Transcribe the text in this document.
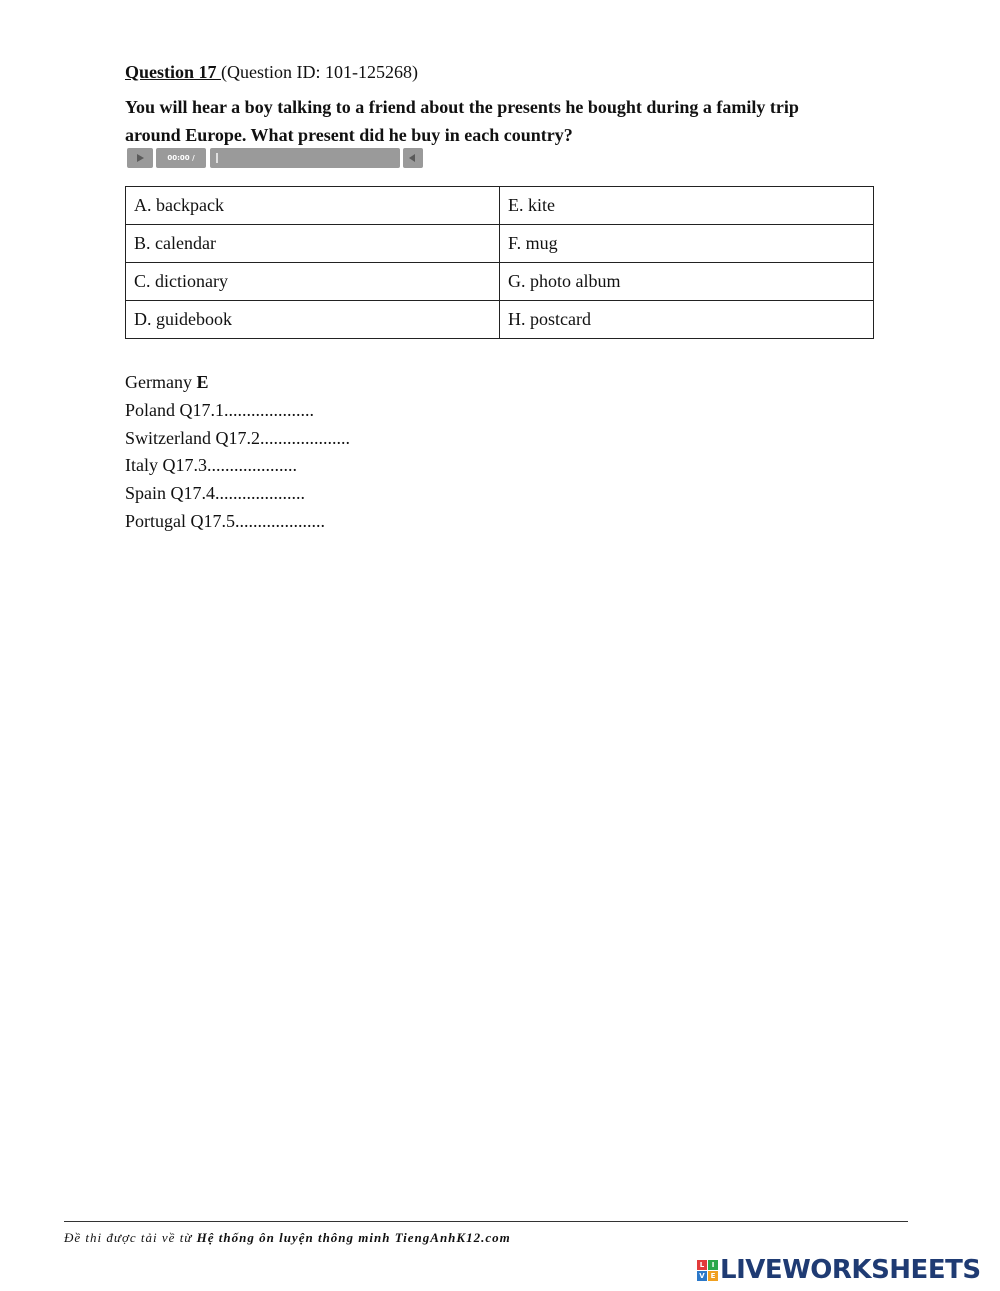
Question 17 (Question ID: 101-125268)
You will hear a boy talking to a friend about the presents he bought during a family trip around Europe. What present did he buy in each country?
00:00 / 00:00
A. backpack	E. kite
B. calendar	F. mug
C. dictionary	G. photo album
D. guidebook	H. postcard
Germany E
Poland Q17.1....................
Switzerland Q17.2....................
Italy Q17.3....................
Spain Q17.4....................
Portugal Q17.5....................
Đề thi được tải về từ Hệ thống ôn luyện thông minh TiengAnhK12.com
L	I
V E LIVEWORKSHEETS
